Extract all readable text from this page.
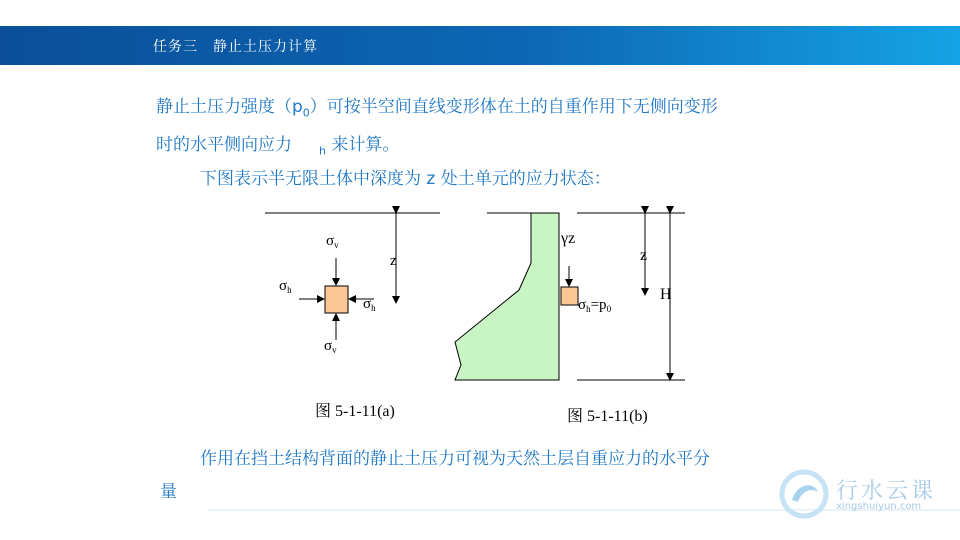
任务三　静止土压力计算
静止土压力强度$(p_0)$可按半空间直线变形体在土的自重作用下无侧向变形
时的水平侧向应力 $_h$ 来计算。
下图表示半无限土体中深度为 z 处土单元的应力状态：
z
$\sigma_v$
$\sigma_v$
$\sigma_h$
$\sigma_h$
γz
z
H
$\sigma_h=p_0$
图 5-1-11(a)	图 5-1-11(b)
作用在挡土结构背面的静止土压力可视为天然土层自重应力的水平分
量	行水云课
xingshuiyun.com
